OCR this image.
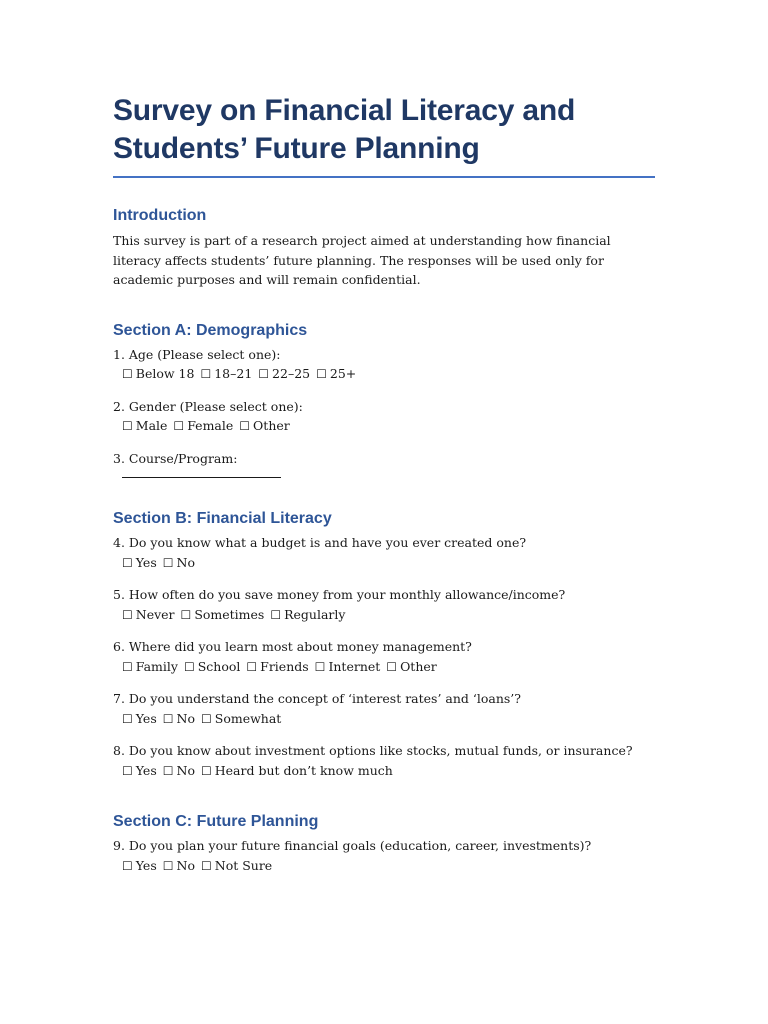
Survey on Financial Literacy and
Students’ Future Planning
Introduction

This survey is part of a research project aimed at understanding how financial literacy affects students’ future planning. The responses will be used only for academic purposes and will remain confidential.

Section A: Demographics
1. Age (Please select one):
☐ Below 18 ☐ 18–21 ☐ 22–25 ☐ 25+
2. Gender (Please select one):
☐ Male ☐ Female ☐ Other
3. Course/Program:
Section B: Financial Literacy
4. Do you know what a budget is and have you ever created one?
☐ Yes ☐ No
5. How often do you save money from your monthly allowance/income?
☐ Never ☐ Sometimes ☐ Regularly
6. Where did you learn most about money management?
☐ Family ☐ School ☐ Friends ☐ Internet ☐ Other
7. Do you understand the concept of ‘interest rates’ and ‘loans’?
☐ Yes ☐ No ☐ Somewhat
8. Do you know about investment options like stocks, mutual funds, or insurance?
☐ Yes ☐ No ☐ Heard but don’t know much
Section C: Future Planning
9. Do you plan your future financial goals (education, career, investments)?
☐ Yes ☐ No ☐ Not Sure
